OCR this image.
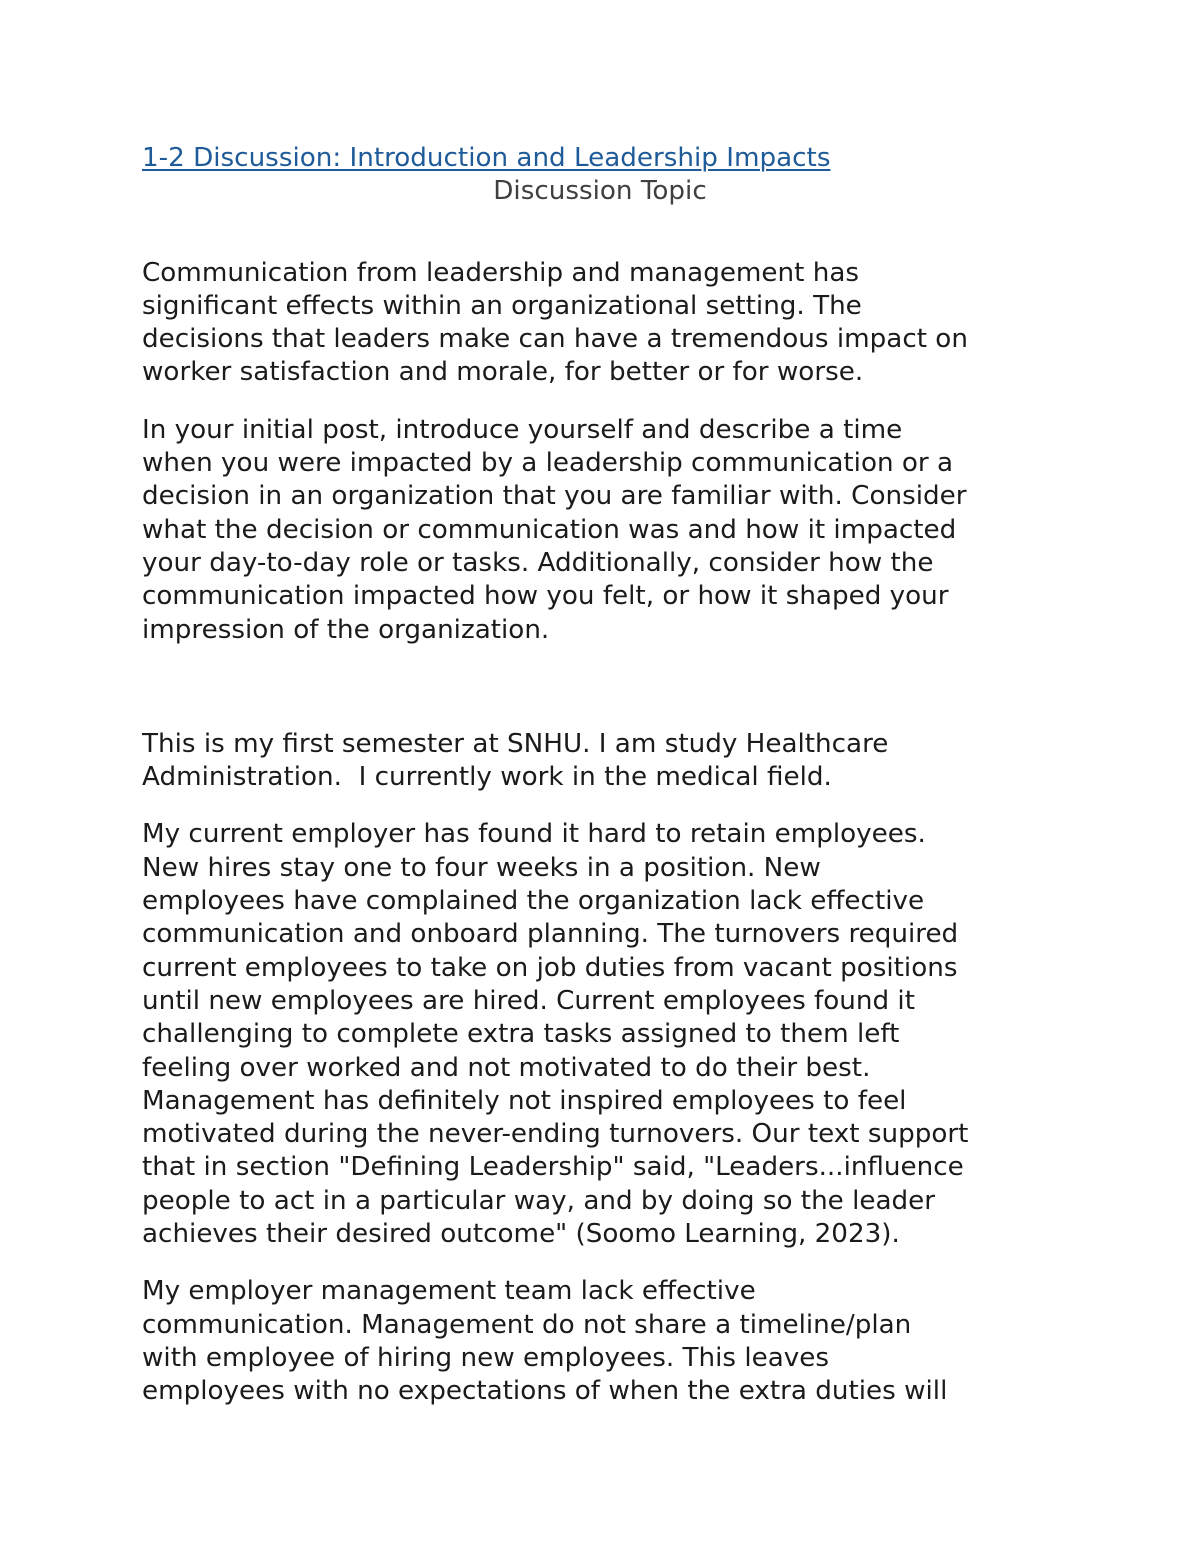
1-2 Discussion: Introduction and Leadership Impacts
Discussion Topic

Communication from leadership and management has
significant effects within an organizational setting. The
decisions that leaders make can have a tremendous impact on
worker satisfaction and morale, for better or for worse.

In your initial post, introduce yourself and describe a time
when you were impacted by a leadership communication or a
decision in an organization that you are familiar with. Consider
what the decision or communication was and how it impacted
your day-to-day role or tasks. Additionally, consider how the
communication impacted how you felt, or how it shaped your
impression of the organization.

This is my first semester at SNHU. I am study Healthcare
Administration.  I currently work in the medical field.

My current employer has found it hard to retain employees.
New hires stay one to four weeks in a position. New
employees have complained the organization lack effective
communication and onboard planning. The turnovers required
current employees to take on job duties from vacant positions
until new employees are hired. Current employees found it
challenging to complete extra tasks assigned to them left
feeling over worked and not motivated to do their best.
Management has definitely not inspired employees to feel
motivated during the never-ending turnovers. Our text support
that in section "Defining Leadership" said, "Leaders...influence
people to act in a particular way, and by doing so the leader
achieves their desired outcome" (Soomo Learning, 2023).

My employer management team lack effective
communication. Management do not share a timeline/plan
with employee of hiring new employees. This leaves
employees with no expectations of when the extra duties will
